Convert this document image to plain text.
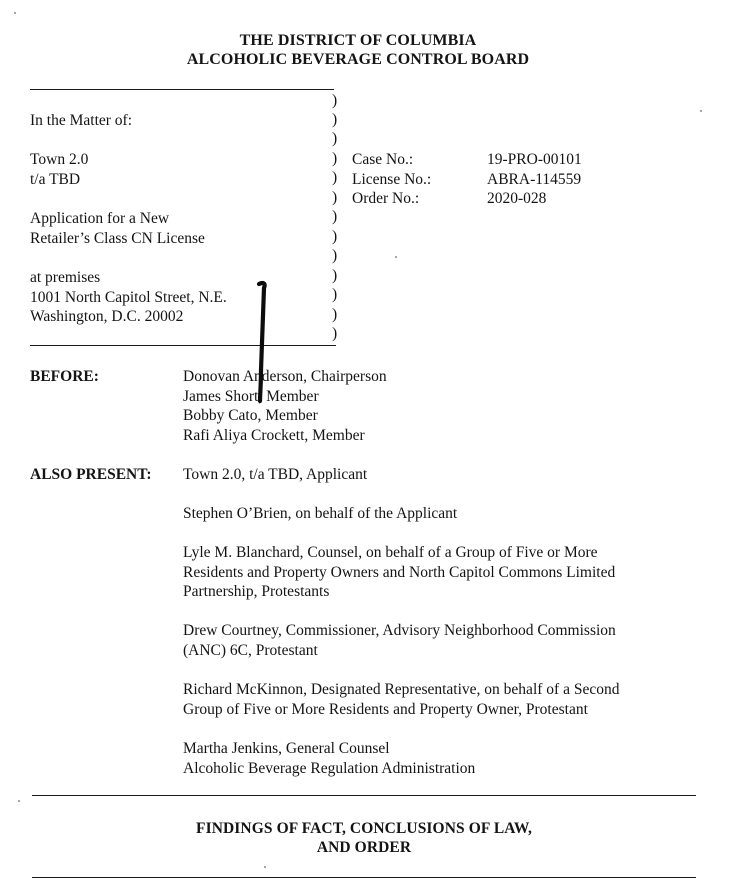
THE DISTRICT OF COLUMBIA
ALCOHOLIC BEVERAGE CONTROL BOARD
In the Matter of:
Town 2.0
t/a TBD
Application for a New
Retailer’s Class CN License
at premises
1001 North Capitol Street, N.E.
Washington, D.C. 20002
)
)
)
)
)
)
)
)
)
)
)
)
)
Case No.:
License No.:
Order No.:
19-PRO-00101
ABRA-114559
2020-028
BEFORE:	Donovan Anderson, Chairperson
James Short, Member
Bobby Cato, Member
Rafi Aliya Crockett, Member
ALSO PRESENT: Town 2.0, t/a TBD, Applicant
Stephen O’Brien, on behalf of the Applicant
Lyle M. Blanchard, Counsel, on behalf of a Group of Five or More
Residents and Property Owners and North Capitol Commons Limited
Partnership, Protestants
Drew Courtney, Commissioner, Advisory Neighborhood Commission
(ANC) 6C, Protestant
Richard McKinnon, Designated Representative, on behalf of a Second
Group of Five or More Residents and Property Owner, Protestant
Martha Jenkins, General Counsel
Alcoholic Beverage Regulation Administration
FINDINGS OF FACT, CONCLUSIONS OF LAW,
AND ORDER
